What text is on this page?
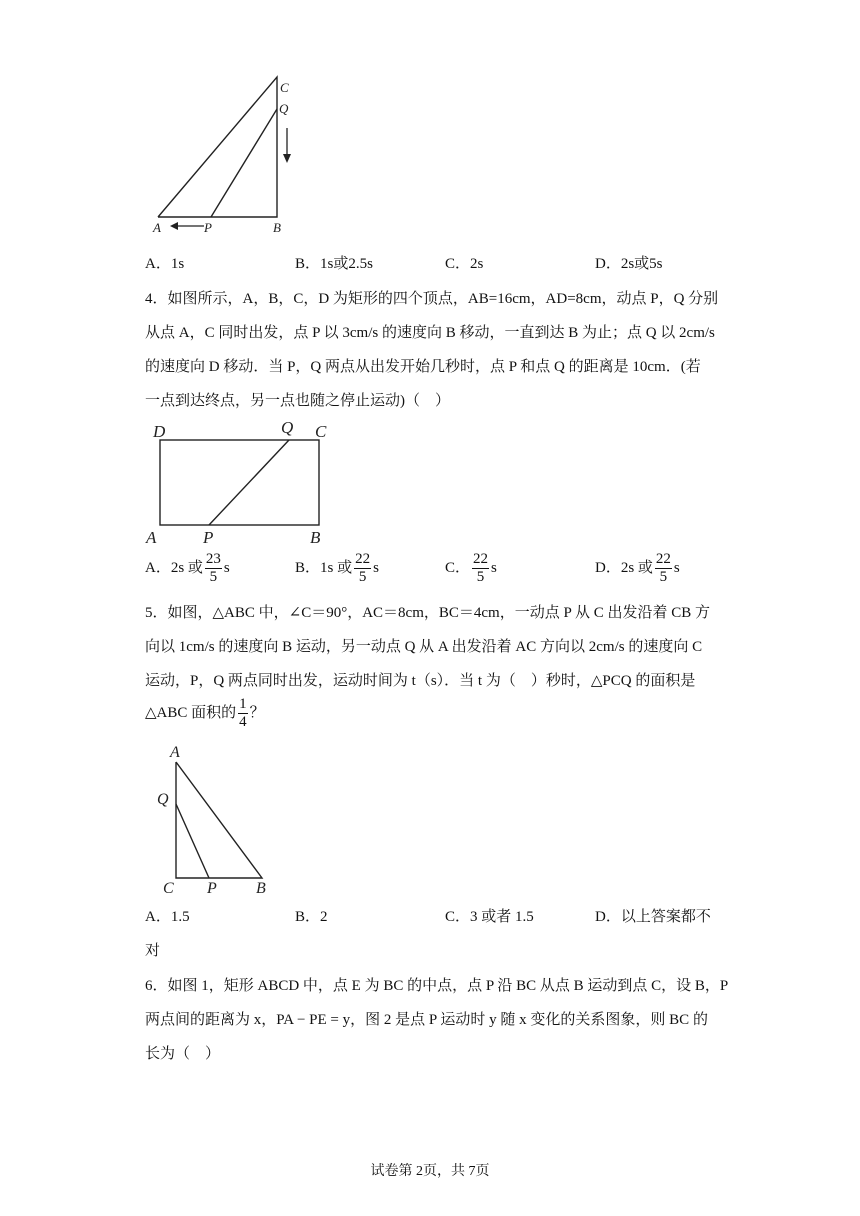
C
Q
A	P	B
A．1s	B．1s或2.5s	C．2s	D．2s或5s
4．如图所示，A，B，C，D 为矩形的四个顶点，AB=16cm，AD=8cm，动点 P，Q 分别
从点 A，C 同时出发，点 P 以 3cm/s 的速度向 B 移动，一直到达 B 为止；点 Q 以 2cm/s
的速度向 D 移动．当 P，Q 两点从出发开始几秒时，点 P 和点 Q 的距离是 10cm．(若
一点到达终点，另一点也随之停止运动)（　）
D	Q C
A	P	B
A．2s 或 $\frac{23}{5}$ s	B．1s 或 $\frac{22}{5}$ s	C． $\frac{22}{5}$ s	D．2s 或 $\frac{22}{5}$ s
5．如图，△ABC 中，∠C＝90°，AC＝8cm，BC＝4cm，一动点 P 从 C 出发沿着 CB 方
向以 1cm/s 的速度向 B 运动，另一动点 Q 从 A 出发沿着 AC 方向以 2cm/s 的速度向 C
运动，P，Q 两点同时出发，运动时间为 t（s）．当 t 为（　）秒时，△PCQ 的面积是
△ABC 面积的 $\frac{1}{4}$ ？
A
Q
C P B
A．1.5	B．2	C．3 或者 1.5	D．以上答案都不
对
6．如图 1，矩形 ABCD 中，点 E 为 BC 的中点，点 P 沿 BC 从点 B 运动到点 C，设 B，P
两点间的距离为 x，PA − PE = y，图 2 是点 P 运动时 y 随 x 变化的关系图象，则 BC 的
长为（　）
试卷第 2页，共 7页
